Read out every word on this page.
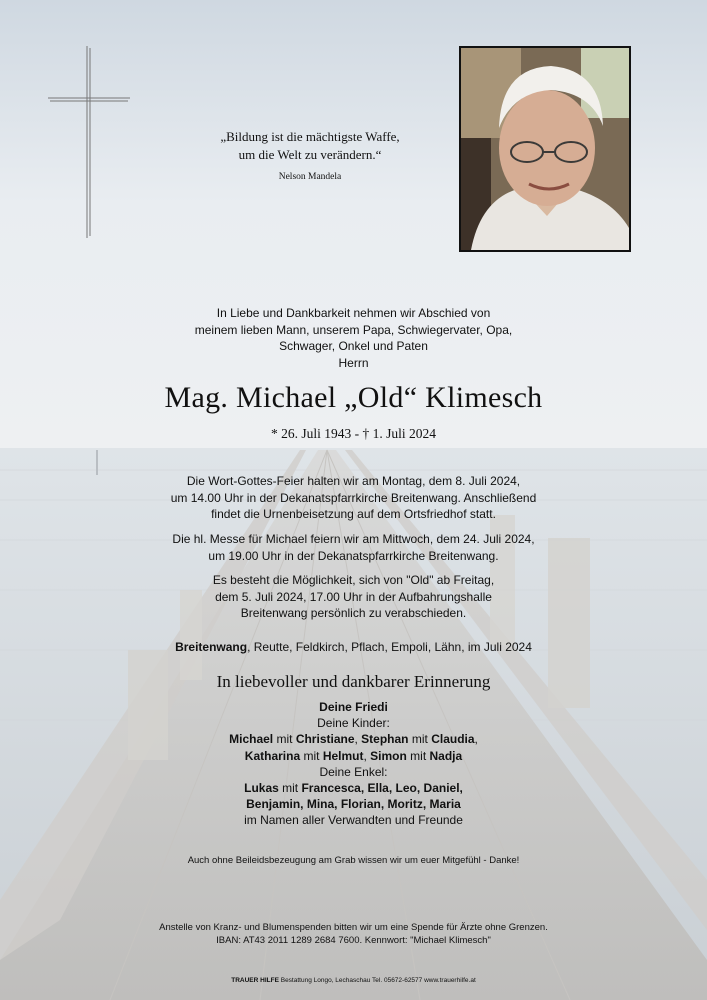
„Bildung ist die mächtigste Waffe,
um die Welt zu verändern.“
Nelson Mandela
In Liebe und Dankbarkeit nehmen wir Abschied von
meinem lieben Mann, unserem Papa, Schwiegervater, Opa,
Schwager, Onkel und Paten
Herrn
Mag. Michael „Old“ Klimesch
* 26. Juli 1943 - † 1. Juli 2024
Die Wort-Gottes-Feier halten wir am Montag, dem 8. Juli 2024,
um 14.00 Uhr in der Dekanatspfarrkirche Breitenwang. Anschließend
findet die Urnenbeisetzung auf dem Ortsfriedhof statt.
Die hl. Messe für Michael feiern wir am Mittwoch, dem 24. Juli 2024,
um 19.00 Uhr in der Dekanatspfarrkirche Breitenwang.
Es besteht die Möglichkeit, sich von "Old" ab Freitag,
dem 5. Juli 2024, 17.00 Uhr in der Aufbahrungshalle
Breitenwang persönlich zu verabschieden.
Breitenwang, Reutte, Feldkirch, Pflach, Empoli, Lähn, im Juli 2024
In liebevoller und dankbarer Erinnerung
Deine Friedi
Deine Kinder:
Michael mit Christiane, Stephan mit Claudia,
Katharina mit Helmut, Simon mit Nadja
Deine Enkel:
Lukas mit Francesca, Ella, Leo, Daniel,
Benjamin, Mina, Florian, Moritz, Maria
im Namen aller Verwandten und Freunde
Auch ohne Beileidsbezeugung am Grab wissen wir um euer Mitgefühl - Danke!
Anstelle von Kranz- und Blumenspenden bitten wir um eine Spende für Ärzte ohne Grenzen.
IBAN: AT43 2011 1289 2684 7600. Kennwort: "Michael Klimesch"
TRAUER HILFE Bestattung Longo, Lechaschau Tel. 05672-62577 www.trauerhilfe.at
